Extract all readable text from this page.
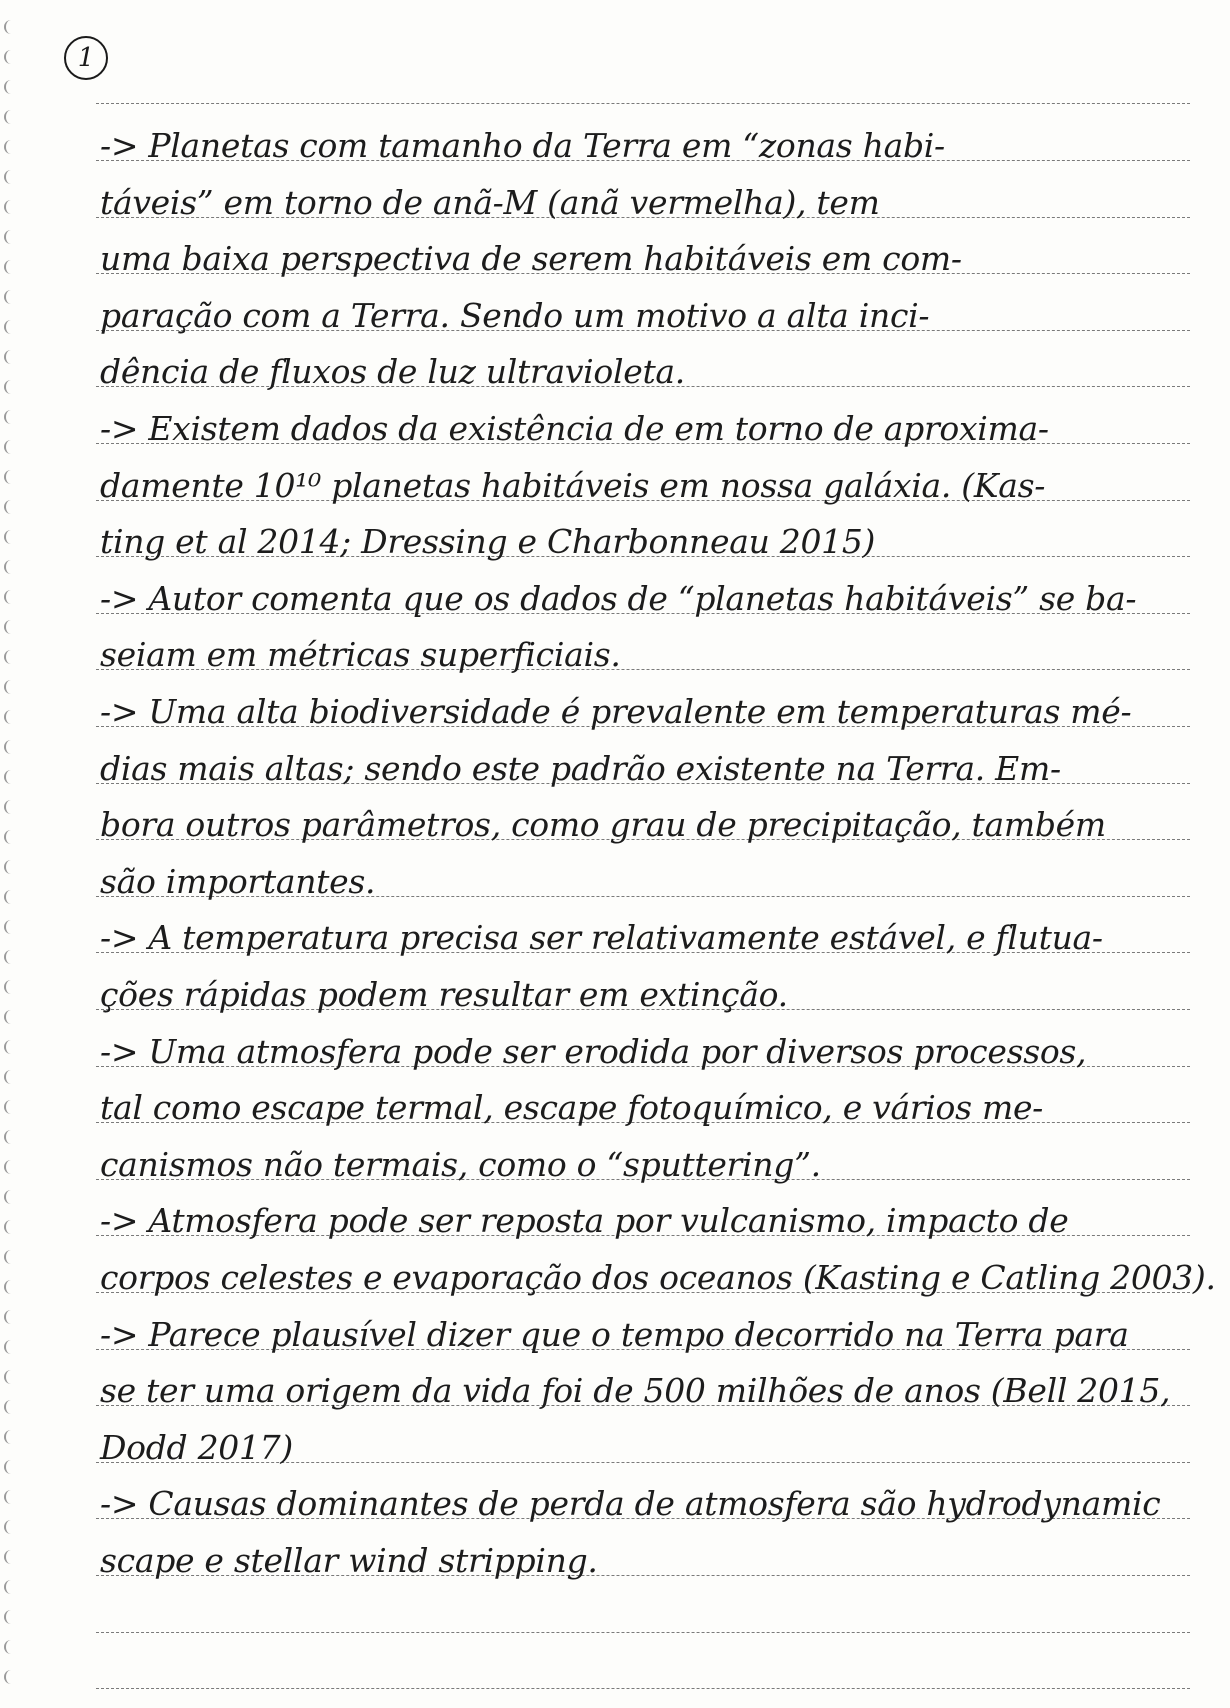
1
-> Planetas com tamanho da Terra em “zonas habi-
táveis” em torno de anã-M (anã vermelha), tem
uma baixa perspectiva de serem habitáveis em com-
paração com a Terra. Sendo um motivo a alta inci-
dência de fluxos de luz ultravioleta.
-> Existem dados da existência de em torno de aproxima-
damente 10¹⁰ planetas habitáveis em nossa galáxia. (Kas-
ting et al 2014; Dressing e Charbonneau 2015)
-> Autor comenta que os dados de “planetas habitáveis” se ba-
seiam em métricas superficiais.
-> Uma alta biodiversidade é prevalente em temperaturas mé-
dias mais altas; sendo este padrão existente na Terra. Em-
bora outros parâmetros, como grau de precipitação, também
são importantes.
-> A temperatura precisa ser relativamente estável, e flutua-
ções rápidas podem resultar em extinção.
-> Uma atmosfera pode ser erodida por diversos processos,
tal como escape termal, escape fotoquímico, e vários me-
canismos não termais, como o “sputtering”.
-> Atmosfera pode ser reposta por vulcanismo, impacto de
corpos celestes e evaporação dos oceanos (Kasting e Catling 2003).
-> Parece plausível dizer que o tempo decorrido na Terra para
se ter uma origem da vida foi de 500 milhões de anos (Bell 2015,
Dodd 2017)
-> Causas dominantes de perda de atmosfera são hydrodynamic
scape e stellar wind stripping.
